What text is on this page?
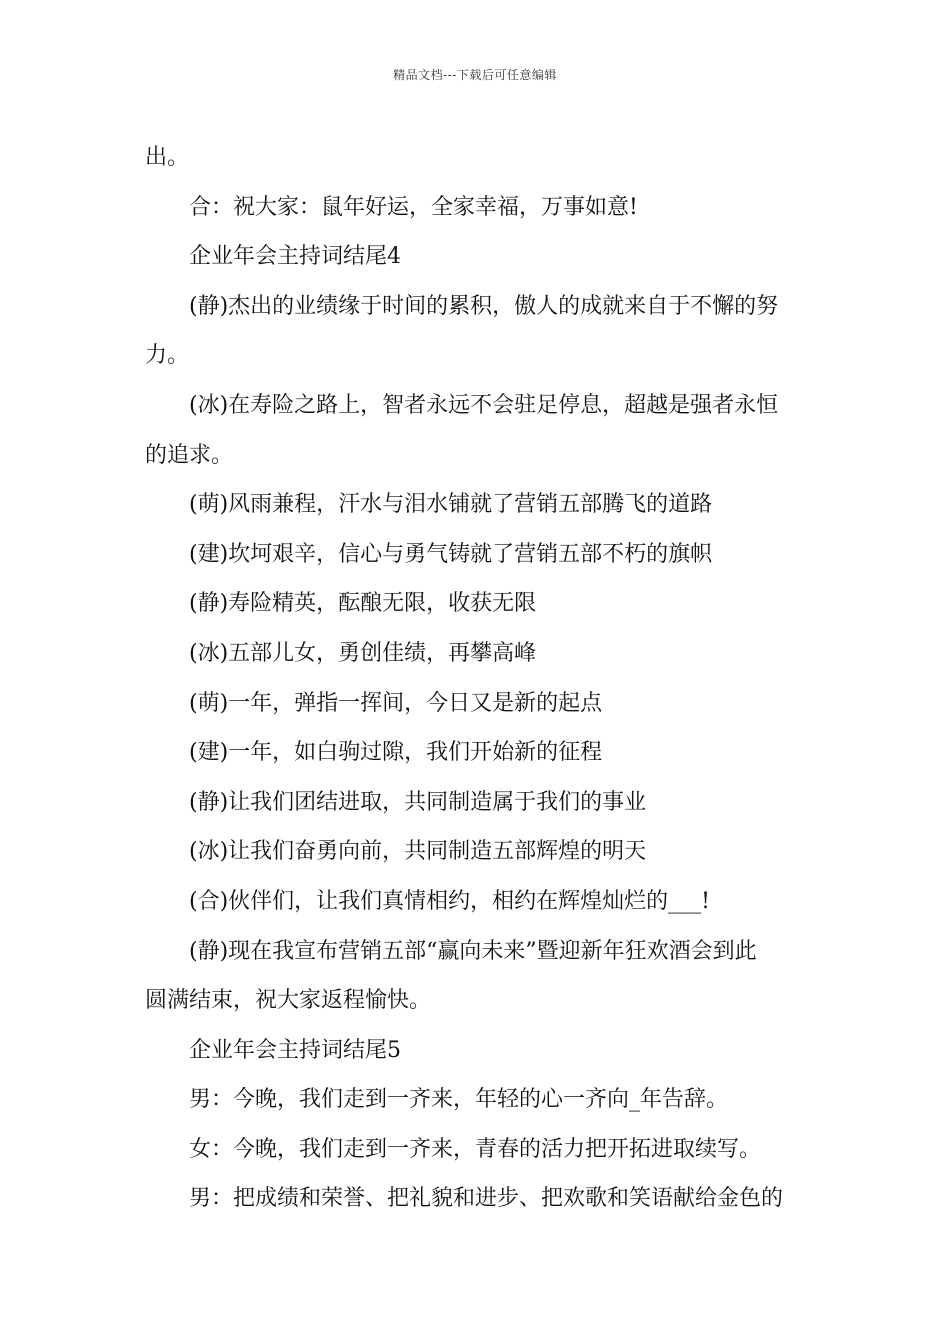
精品文档---下载后可任意编辑
出。
合：祝大家：鼠年好运，全家幸福，万事如意!
企业年会主持词结尾4
(静)杰出的业绩缘于时间的累积，傲人的成就来自于不懈的努
力。
(冰)在寿险之路上，智者永远不会驻足停息，超越是强者永恒
的追求。
(萌)风雨兼程，汗水与泪水铺就了营销五部腾飞的道路
(建)坎坷艰辛，信心与勇气铸就了营销五部不朽的旗帜
(静)寿险精英，酝酿无限，收获无限
(冰)五部儿女，勇创佳绩，再攀高峰
(萌)一年，弹指一挥间，今日又是新的起点
(建)一年，如白驹过隙，我们开始新的征程
(静)让我们团结进取，共同制造属于我们的事业
(冰)让我们奋勇向前，共同制造五部辉煌的明天
(合)伙伴们，让我们真情相约，相约在辉煌灿烂的___!
(静)现在我宣布营销五部“赢向未来”暨迎新年狂欢酒会到此
圆满结束，祝大家返程愉快。
企业年会主持词结尾5
男：今晚，我们走到一齐来，年轻的心一齐向_年告辞。
女：今晚，我们走到一齐来，青春的活力把开拓进取续写。
男：把成绩和荣誉、把礼貌和进步、把欢歌和笑语献给金色的
